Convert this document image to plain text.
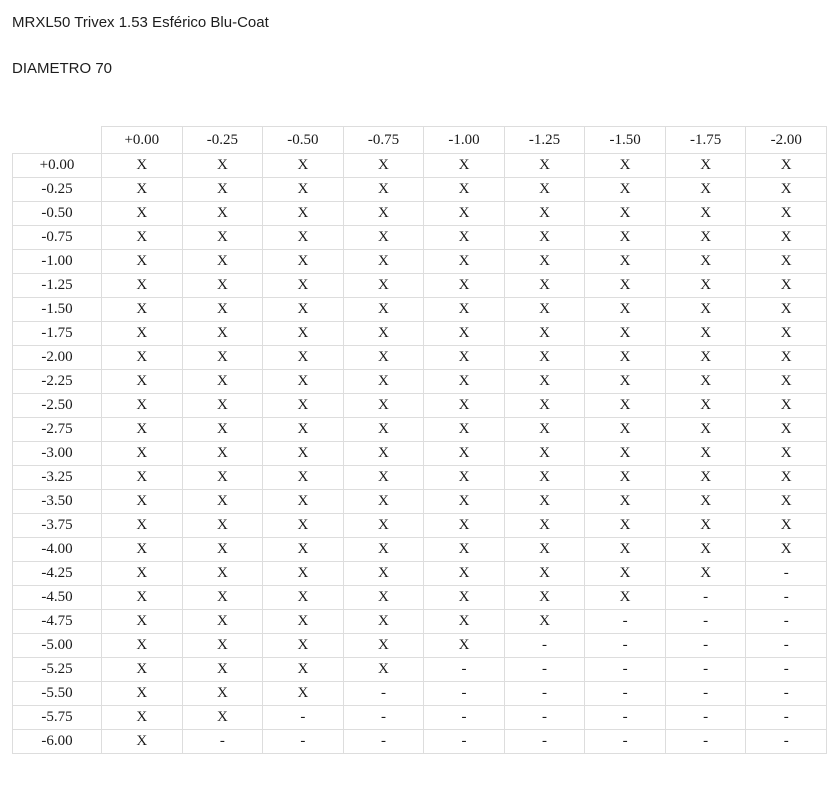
MRXL50 Trivex 1.53 Esférico Blu-Coat
DIAMETRO 70
	+0.00	-0.25	-0.50	-0.75	-1.00	-1.25	-1.50	-1.75	-2.00
+0.00	X	X	X	X	X	X	X	X	X
-0.25	X	X	X	X	X	X	X	X	X
-0.50	X	X	X	X	X	X	X	X	X
-0.75	X	X	X	X	X	X	X	X	X
-1.00	X	X	X	X	X	X	X	X	X
-1.25	X	X	X	X	X	X	X	X	X
-1.50	X	X	X	X	X	X	X	X	X
-1.75	X	X	X	X	X	X	X	X	X
-2.00	X	X	X	X	X	X	X	X	X
-2.25	X	X	X	X	X	X	X	X	X
-2.50	X	X	X	X	X	X	X	X	X
-2.75	X	X	X	X	X	X	X	X	X
-3.00	X	X	X	X	X	X	X	X	X
-3.25	X	X	X	X	X	X	X	X	X
-3.50	X	X	X	X	X	X	X	X	X
-3.75	X	X	X	X	X	X	X	X	X
-4.00	X	X	X	X	X	X	X	X	X
-4.25	X	X	X	X	X	X	X	X	-
-4.50	X	X	X	X	X	X	X	-	-
-4.75	X	X	X	X	X	X	-	-	-
-5.00	X	X	X	X	X	-	-	-	-
-5.25	X	X	X	X	-	-	-	-	-
-5.50	X	X	X	-	-	-	-	-	-
-5.75	X	X	-	-	-	-	-	-	-
-6.00	X	-	-	-	-	-	-	-	-
